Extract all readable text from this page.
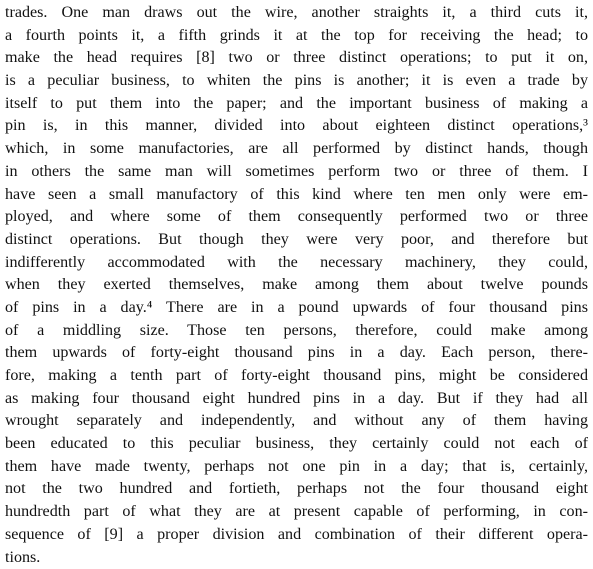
trades. One man draws out the wire, another straights it, a third cuts it,
a fourth points it, a fifth grinds it at the top for receiving the head; to
make the head requires [8] two or three distinct operations; to put it on,
is a peculiar business, to whiten the pins is another; it is even a trade by
itself to put them into the paper; and the important business of making a
pin is, in this manner, divided into about eighteen distinct operations,³
which, in some manufactories, are all performed by distinct hands, though
in others the same man will sometimes perform two or three of them. I
have seen a small manufactory of this kind where ten men only were em-
ployed, and where some of them consequently performed two or three
distinct operations. But though they were very poor, and therefore but
indifferently accommodated with the necessary machinery, they could,
when they exerted themselves, make among them about twelve pounds
of pins in a day.⁴ There are in a pound upwards of four thousand pins
of a middling size. Those ten persons, therefore, could make among
them upwards of forty-eight thousand pins in a day. Each person, there-
fore, making a tenth part of forty-eight thousand pins, might be considered
as making four thousand eight hundred pins in a day. But if they had all
wrought separately and independently, and without any of them having
been educated to this peculiar business, they certainly could not each of
them have made twenty, perhaps not one pin in a day; that is, certainly,
not the two hundred and fortieth, perhaps not the four thousand eight
hundredth part of what they are at present capable of performing, in con-
sequence of [9] a proper division and combination of their different opera-
tions.
